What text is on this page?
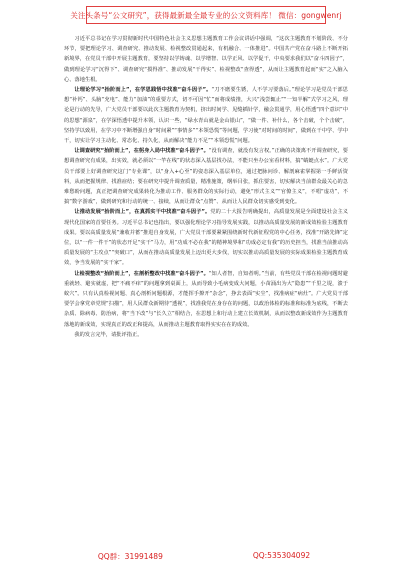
关注头条号“公文研究”，获得最新最全最专业的公文资料库！ 微信：gongwenrj

习近平总书记在学习贯彻新时代中国特色社会主义思想主题教育工作会议讲话中强调，“这次主题教育不划阶段、不分环节，要把理论学习、调查研究、推动发展、检视整改贯通起来，有机融合、一体推进”。中国共产党在奋斗路上不断开拓新境界，在党员干部中开展主题教育，要坚持以学铸魂、以学增智、以学正风、以学促干，中央要求我们以“奋斗四因子”，做到理论学习“沉得下”、调查研究“摸得准”、推动发展“干得实”、检视整改“查得透”，从而让主题教育起而“实”之入脑入心、落地生根。

让理论学习“抬阶而上”，在学思践悟中找准“奋斗因子”。“刀不磨要生锈，人不学习要落后。”理论学习是党员干部思想“补钙”、头脑“充电”、能力“加油”的重要方式，切不可因“忙”而将成绩推，大兴“浅尝辄止”“一知半解”式学习之风，理论是行动的先导，广大党员干部要以此次主题教育为契机，挤出时间学、见缝插针学，融会贯通学，用心悟透“四个意识”中的思想“源泉”，在学深悟透中提升本领，认识一些，“绿水青山就是金山银山”，“做一件、补什么，各个击破，个个击破”，坚持学以致用，在学习中不断增强自身“时间紧”“事情多”“本领恐慌”等问题，学习使“对时间的时间”，做到在干中学、学中干，切实让学习主动化、常态化、持久化，从而解决“能力不足”“本领恐慌”问题。

让调查研究“抬阶而上”，在躬身入局中找准“奋斗因子”。“没有调查，就没有发言权。”正确的决策离不开调查研究，要想调查研究有成果，出实效，就必须以“一竿在线”的状态深入基层找办法，不能只坐办公室看材料，搞“蜻蜓点水”。广大党员干部要上好调查研究这门“专业课”，以“身入+心至”的姿态深入基层单位，通过把脉问诊、解剖麻雀掌握第一手鲜活资料，从而把握规律、找准症结；要在研究中提升调查质量，精准施策，纲举目张，抓住要害，切实解决当前群众最关心的急难愁盼问题，真正把调查研究成果转化为推动工作、服务群众的实际行动，避免“形式主义”“官僚主义”，不唱“虚功”，不搞“数字游戏”，做到研究和行动的统一、接续，从而让群众“点赞”、从而让人民群众切实感受到变化。

让推动发展“抬阶而上”，在真抓实干中找准“奋斗因子”。党的二十大报告明确提出，高质量发展是全面建设社会主义现代化国家的首要任务。习近平总书记也指出，要以强化理论学习指导发展实践，以推动高质量发展的新成效检验主题教育成果。要以高质量发展“兼收并蓄”推进自身发展，广大党员干部要紧紧围绕新时代新征程党的中心任务，找准“开路先锋”定位，以“一件一件干”的状态开足“实干”马力，用“功成不必在我”的精神境界和“功成必定有我”的历史担当，找准当前推动高质量发展的“主攻点”“突破口”，从而在推动高质量发展上迈出更大步伐，切实以推动高质量发展的实际成果检验主题教育成效，争当发展的“实干家”。

让检视整改“抬阶而上”，在剖析整改中找准“奋斗因子”。“知人者智，自知者明。”当前，有些党员干部在检视问题时避重就轻、避实就虚，把“不痛不痒”的问题拿到桌面上，从而导致小毛病变成大问题，小苗涌出为大“隐患”“千里之堤，溃于蚁穴”。只有认真检视问题、真心剖析问题根源，才能挥手撩开“杂念”，挣去表面“实尘”，找准病症“病灶”。广大党员干部要学会拿党章党规“扫描”，用人民群众新期待“透视”，找准我党在身存在的问题，以政治体检的标准和标准为底线，不断去杂质、除病毒、防治病，将“当下改”与“长久立”相结合，在思想上和行动上建立长效机制，从而以整改新成效作为主题教育落地的新成效，实现真正的改正和提高，从而推动主题教育取得实实在在的成效。

我的发言完毕，请批评指正。

QQ群：31991489	QQ:535304092
